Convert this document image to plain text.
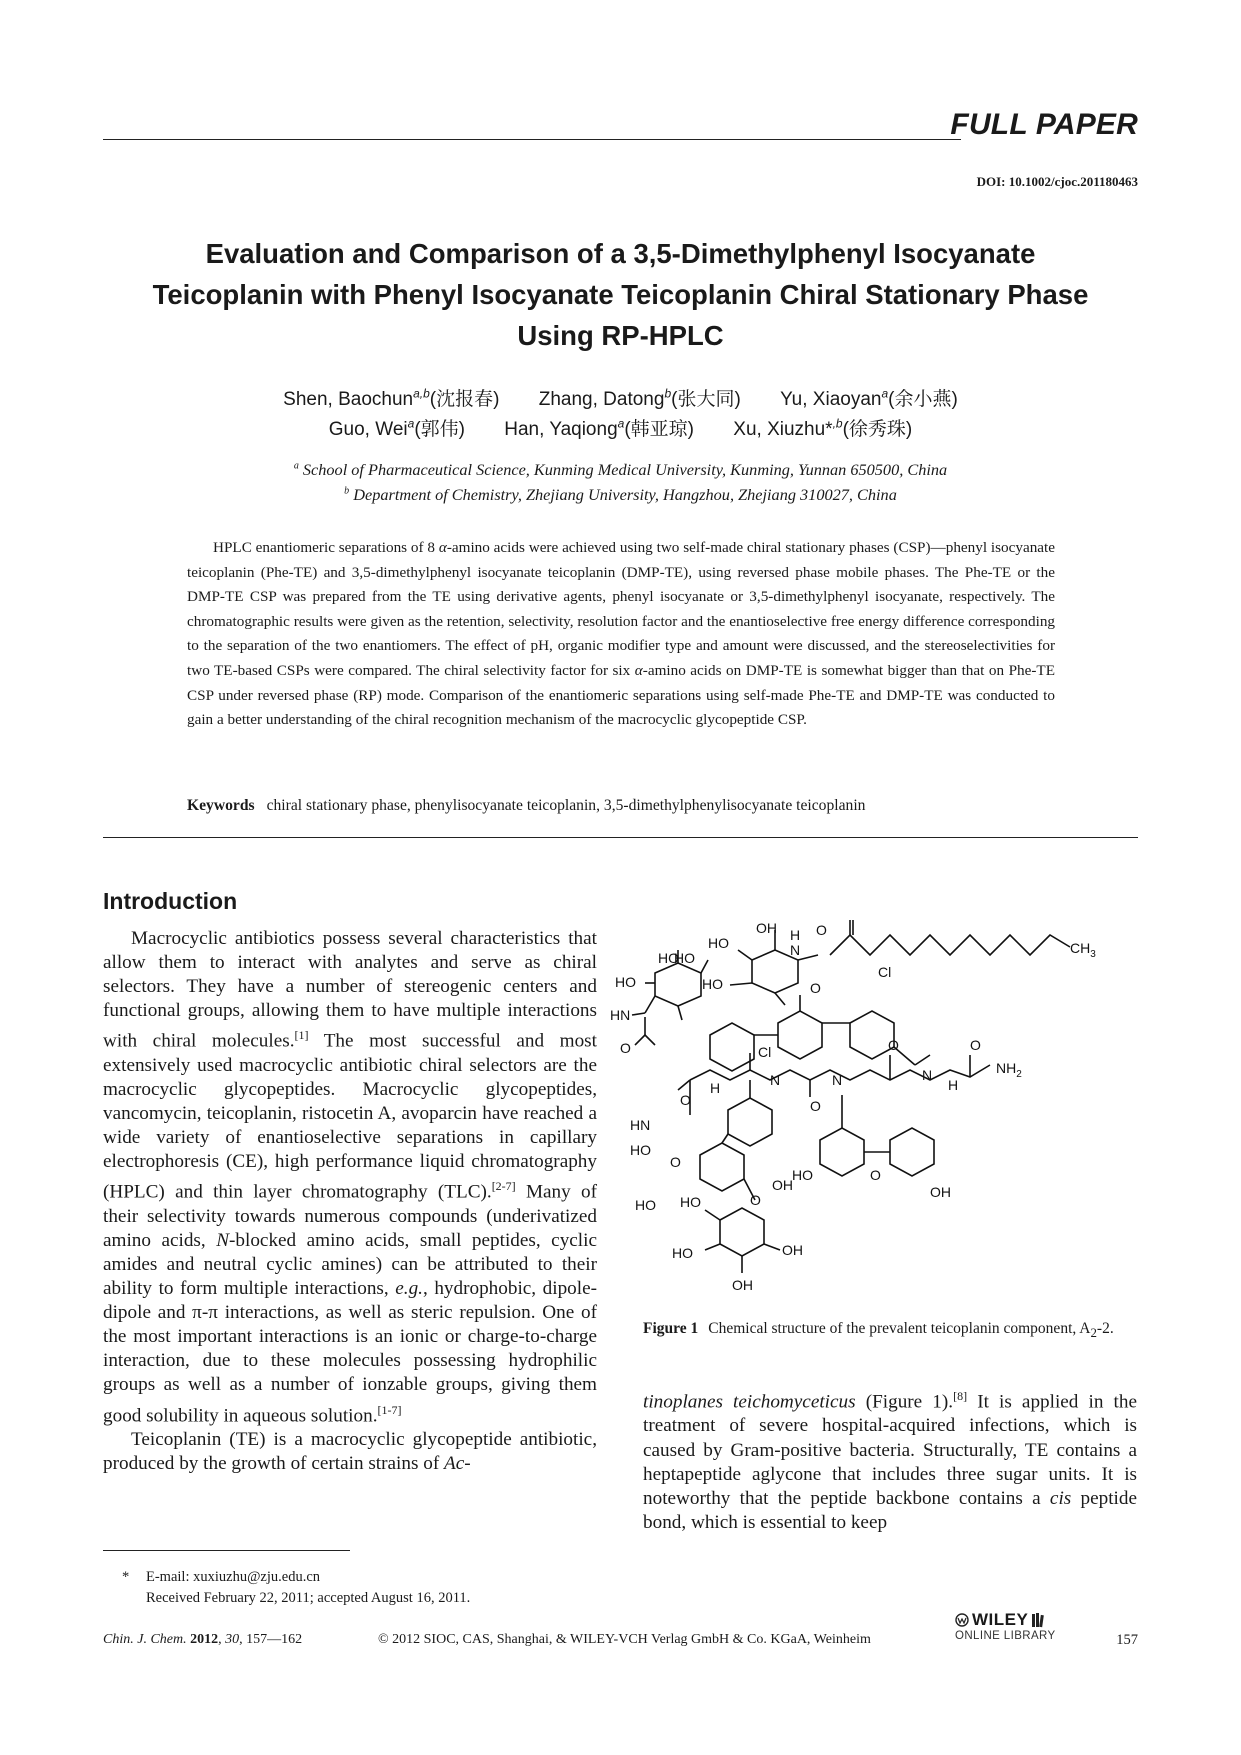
FULL PAPER
DOI: 10.1002/cjoc.201180463
Evaluation and Comparison of a 3,5-Dimethylphenyl Isocyanate Teicoplanin with Phenyl Isocyanate Teicoplanin Chiral Stationary Phase Using RP-HPLC
Shen, Baochun$^{a,b}$(沈报春) Zhang, Datong$^b$(张大同) Yu, Xiaoyan$^a$(余小燕)
Guo, Wei$^a$(郭伟) Han, Yaqiong$^a$(韩亚琼) Xu, Xiuzhu*$^{,b}$(徐秀珠)
$^a$ School of Pharmaceutical Science, Kunming Medical University, Kunming, Yunnan 650500, China
$^b$ Department of Chemistry, Zhejiang University, Hangzhou, Zhejiang 310027, China
HPLC enantiomeric separations of 8 α-amino acids were achieved using two self-made chiral stationary phases (CSP)—phenyl isocyanate teicoplanin (Phe-TE) and 3,5-dimethylphenyl isocyanate teicoplanin (DMP-TE), using reversed phase mobile phases. The Phe-TE or the DMP-TE CSP was prepared from the TE using derivative agents, phenyl isocyanate or 3,5-dimethylphenyl isocyanate, respectively. The chromatographic results were given as the retention, selectivity, resolution factor and the enantioselective free energy difference corresponding to the separation of the two enantiomers. The effect of pH, organic modifier type and amount were discussed, and the stereoselectivities for two TE-based CSPs were compared. The chiral selectivity factor for six α-amino acids on DMP-TE is somewhat bigger than that on Phe-TE CSP under reversed phase (RP) mode. Comparison of the enantiomeric separations using self-made Phe-TE and DMP-TE was conducted to gain a better understanding of the chiral recognition mechanism of the macrocyclic glycopeptide CSP.
Keywords chiral stationary phase, phenylisocyanate teicoplanin, 3,5-dimethylphenylisocyanate teicoplanin
Introduction

Macrocyclic antibiotics possess several characteristics that allow them to interact with analytes and serve as chiral selectors. They have a number of stereogenic centers and functional groups, allowing them to have multiple interactions with chiral molecules.[1] The most successful and most extensively used macrocyclic antibiotic chiral selectors are the macrocyclic glycopeptides. Macrocyclic glycopeptides, vancomycin, teicoplanin, ristocetin A, avoparcin have reached a wide variety of enantioselective separations in capillary electrophoresis (CE), high performance liquid chromatography (HPLC) and thin layer chromatography (TLC).[2-7] Many of their selectivity towards numerous compounds (underivatized amino acids, N-blocked amino acids, small peptides, cyclic amides and neutral cyclic amines) can be attributed to their ability to form multiple interactions, e.g., hydrophobic, dipole-dipole and π-π interactions, as well as steric repulsion. One of the most important interactions is an ionic or charge-to-charge interaction, due to these molecules possessing hydrophilic groups as well as a number of ionzable groups, giving them good solubility in aqueous solution.[1-7]

Teicoplanin (TE) is a macrocyclic glycopeptide antibiotic, produced by the growth of certain strains of Ac-

OH
HO	H
N
O
$CH_3$
HO
HO
HO
HO
HN
O
O
Cl
Cl
O
H	N
O
N
O
N
H
O
$NH_2$
HN
HO
O
OH
HO
HO	O
OH
O
HO
HO	OH
OH
Figure 1 Chemical structure of the prevalent teicoplanin component, $A_2-2$.

tinoplanes teichomyceticus (Figure 1).[8] It is applied in the treatment of severe hospital-acquired infections, which is caused by Gram-positive bacteria. Structurally, TE contains a heptapeptide aglycone that includes three sugar units. It is noteworthy that the peptide backbone contains a cis peptide bond, which is essential to keep

* E-mail: xuxiuzhu@zju.edu.cn
Received February 22, 2011; accepted August 16, 2011.
Chin. J. Chem. 2012, 30, 157—162	© 2012 SIOC, CAS, Shanghai, & WILEY-VCH Verlag GmbH & Co. KGaA, Weinheim
WILEY
ONLINE LIBRARY	157
